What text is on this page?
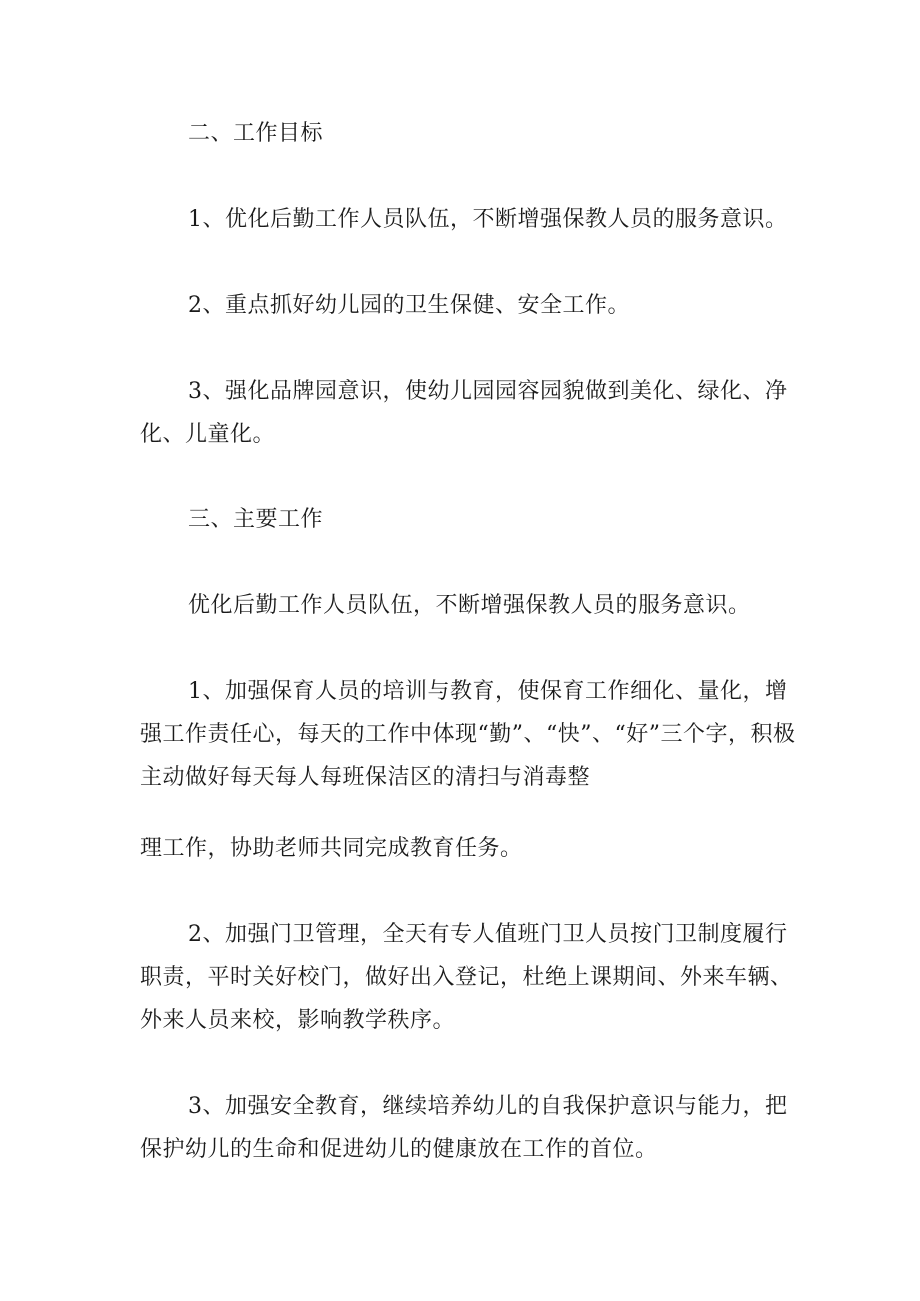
二、工作目标

1、优化后勤工作人员队伍，不断增强保教人员的服务意识。

2、重点抓好幼儿园的卫生保健、安全工作。

3、强化品牌园意识，使幼儿园园容园貌做到美化、绿化、净化、儿童化。

三、主要工作

优化后勤工作人员队伍，不断增强保教人员的服务意识。

1、加强保育人员的培训与教育，使保育工作细化、量化，增强工作责任心，每天的工作中体现“勤”、“快”、“好”三个字，积极主动做好每天每人每班保洁区的清扫与消毒整

理工作，协助老师共同完成教育任务。

2、加强门卫管理，全天有专人值班门卫人员按门卫制度履行职责，平时关好校门，做好出入登记，杜绝上课期间、外来车辆、外来人员来校，影响教学秩序。

3、加强安全教育，继续培养幼儿的自我保护意识与能力，把保护幼儿的生命和促进幼儿的健康放在工作的首位。
